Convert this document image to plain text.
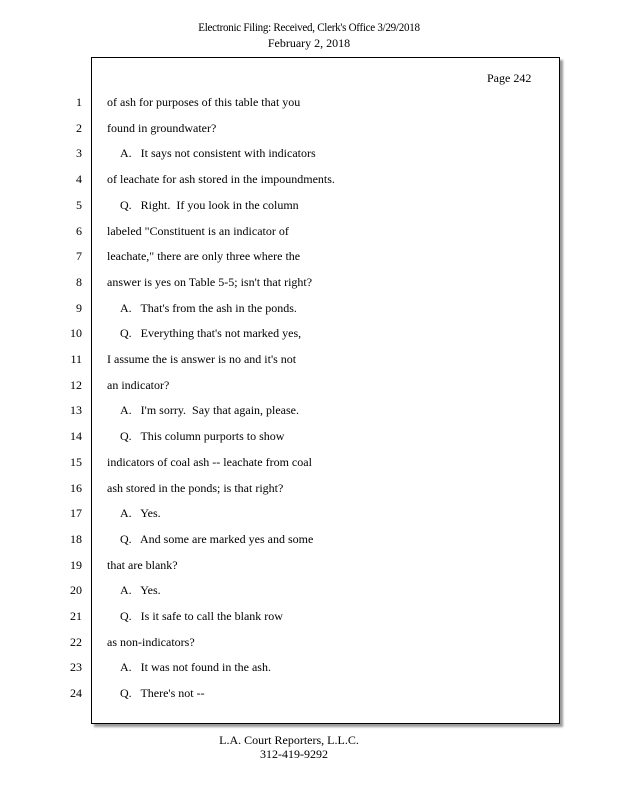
Electronic Filing: Received, Clerk's Office 3/29/2018
February 2, 2018
Page 242
1 of ash for purposes of this table that you
2 found in groundwater?
3	A.   It says not consistent with indicators
4 of leachate for ash stored in the impoundments.
5	Q.   Right.  If you look in the column
6 labeled "Constituent is an indicator of
7 leachate," there are only three where the
8 answer is yes on Table 5-5; isn't that right?
9	A.   That's from the ash in the ponds.
10	Q.   Everything that's not marked yes,
11 I assume the is answer is no and it's not
12 an indicator?
13	A.   I'm sorry.  Say that again, please.
14	Q.   This column purports to show
15 indicators of coal ash -- leachate from coal
16 ash stored in the ponds; is that right?
17	A.   Yes.
18	Q.   And some are marked yes and some
19 that are blank?
20	A.   Yes.
21	Q.   Is it safe to call the blank row
22 as non-indicators?
23	A.   It was not found in the ash.
24	Q.   There's not --
L.A. Court Reporters, L.L.C.
312-419-9292
